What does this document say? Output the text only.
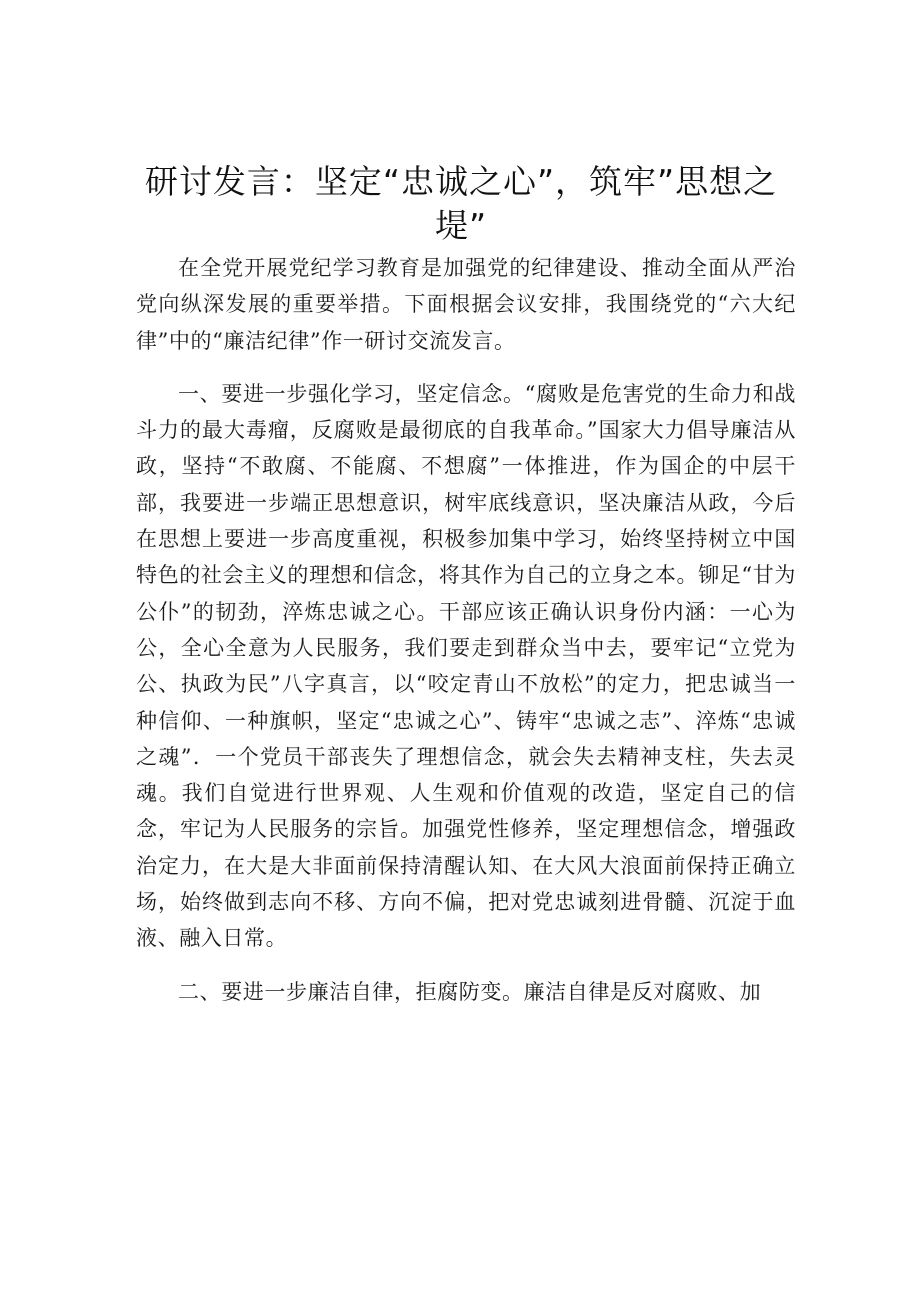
研讨发言：坚定“忠诚之心”，筑牢”思想之堤”

在全党开展党纪学习教育是加强党的纪律建设、推动全面从严治党向纵深发展的重要举措。下面根据会议安排，我围绕党的“六大纪律”中的“廉洁纪律”作一研讨交流发言。

一、要进一步强化学习，坚定信念。“腐败是危害党的生命力和战斗力的最大毒瘤，反腐败是最彻底的自我革命。”国家大力倡导廉洁从政，坚持“不敢腐、不能腐、不想腐”一体推进，作为国企的中层干部，我要进一步端正思想意识，树牢底线意识，坚决廉洁从政，今后在思想上要进一步高度重视，积极参加集中学习，始终坚持树立中国特色的社会主义的理想和信念，将其作为自己的立身之本。铆足“甘为公仆”的韧劲，淬炼忠诚之心。干部应该正确认识身份内涵：一心为公，全心全意为人民服务，我们要走到群众当中去，要牢记“立党为公、执政为民”八字真言，以“咬定青山不放松”的定力，把忠诚当一种信仰、一种旗帜，坚定“忠诚之心”、铸牢“忠诚之志”、淬炼“忠诚之魂”．一个党员干部丧失了理想信念，就会失去精神支柱，失去灵魂。我们自觉进行世界观、人生观和价值观的改造，坚定自己的信念，牢记为人民服务的宗旨。加强党性修养，坚定理想信念，增强政治定力，在大是大非面前保持清醒认知、在大风大浪面前保持正确立场，始终做到志向不移、方向不偏，把对党忠诚刻进骨髓、沉淀于血液、融入日常。

二、要进一步廉洁自律，拒腐防变。廉洁自律是反对腐败、加
